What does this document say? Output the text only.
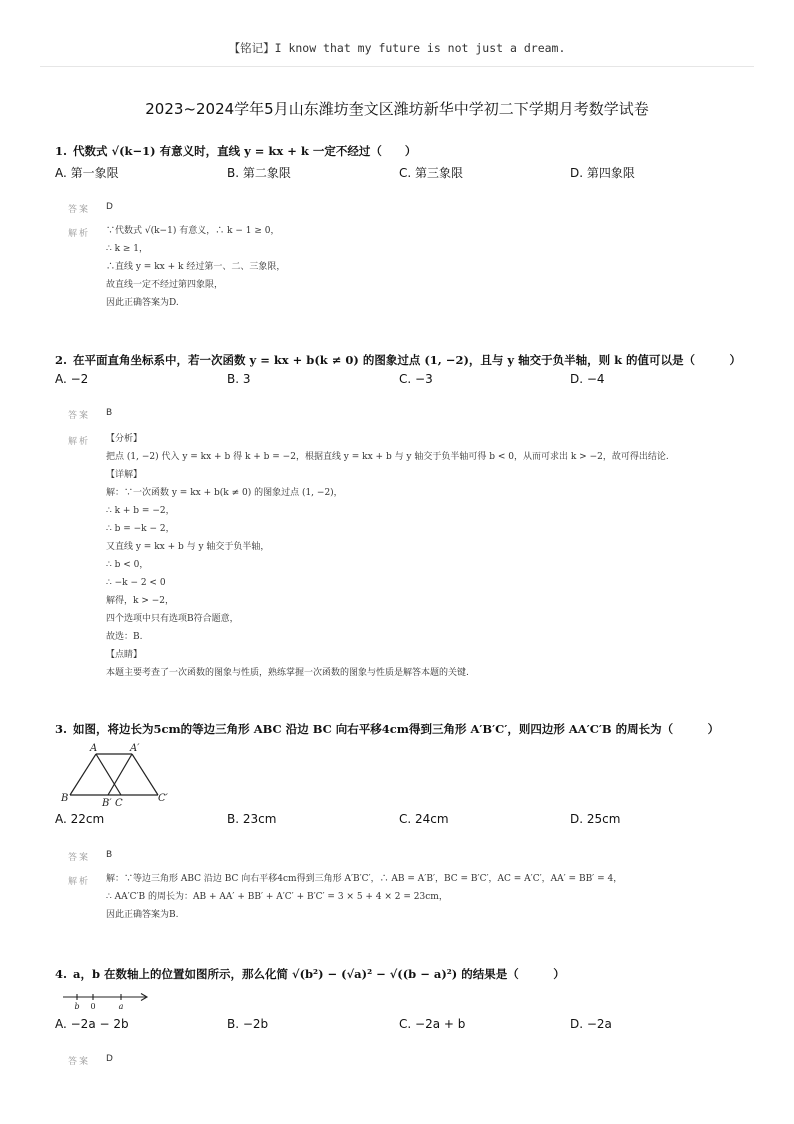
【铭记】I know that my future is not just a dream.
2023~2024学年5月山东潍坊奎文区潍坊新华中学初二下学期月考数学试卷
1. 代数式 √(k−1) 有意义时，直线 y = kx + k 一定不经过（　　）
A. 第一象限	B. 第二象限	C. 第三象限	D. 第四象限
答案 D
解析 ∵代数式 √(k−1) 有意义，∴ k − 1 ≥ 0，
∴ k ≥ 1，
∴直线 y = kx + k 经过第一、二、三象限，
故直线一定不经过第四象限，
因此正确答案为D.
2. 在平面直角坐标系中，若一次函数 y = kx + b(k ≠ 0) 的图象过点 (1, −2)，且与 y 轴交于负半轴，则 k 的值可以是（　　　）
A. −2	B. 3	C. −3	D. −4
答案 B
解析 【分析】
把点 (1, −2) 代入 y = kx + b 得 k + b = −2，根据直线 y = kx + b 与 y 轴交于负半轴可得 b < 0，从而可求出 k > −2，故可得出结论.
【详解】
解：∵一次函数 y = kx + b(k ≠ 0) 的图象过点 (1, −2)，
∴ k + b = −2，
∴ b = −k − 2，
又直线 y = kx + b 与 y 轴交于负半轴，
∴ b < 0，
∴ −k − 2 < 0
解得，k > −2，
四个选项中只有选项B符合题意，
故选：B.
【点睛】
本题主要考查了一次函数的图象与性质，熟练掌握一次函数的图象与性质是解答本题的关键.
3. 如图，将边长为5cm的等边三角形 ABC 沿边 BC 向右平移4cm得到三角形 A′B′C′，则四边形 AA′C′B 的周长为（　　　）
A	A′
B	B′ C	C′
A. 22cm	B. 23cm	C. 24cm	D. 25cm
答案 B
解析 解：∵等边三角形 ABC 沿边 BC 向右平移4cm得到三角形 A′B′C′，∴ AB = A′B′，BC = B′C′，AC = A′C′，AA′ = BB′ = 4，
∴ AA′C′B 的周长为：AB + AA′ + BB′ + A′C′ + B′C′ = 3 × 5 + 4 × 2 = 23cm，
因此正确答案为B.
4. a，b 在数轴上的位置如图所示，那么化简 √(b²) − (√a)² − √((b − a)²) 的结果是（　　　）
b 0	a
A. −2a − 2b	B. −2b	C. −2a + b	D. −2a
答案 D
